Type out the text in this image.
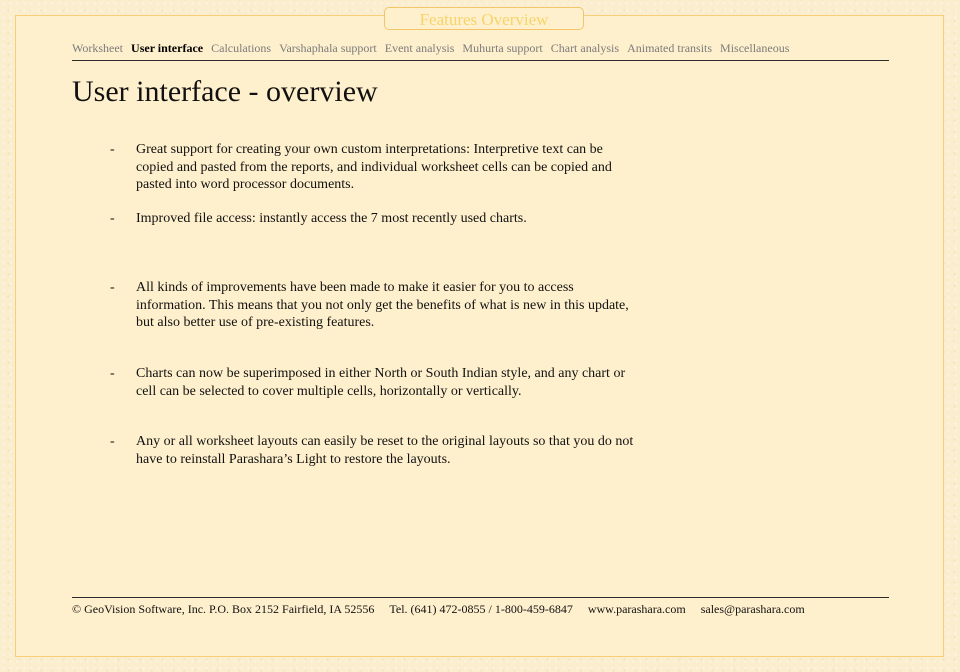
Features Overview
Worksheet User interface Calculations Varshaphala support Event analysis Muhurta support Chart analysis Animated transits Miscellaneous
User interface - overview
- Great support for creating your own custom interpretations: Interpretive text can be copied and pasted from the reports, and individual worksheet cells can be copied and pasted into word processor documents.
- Improved file access: instantly access the 7 most recently used charts.
- All kinds of improvements have been made to make it easier for you to access information. This means that you not only get the benefits of what is new in this update, but also better use of pre-existing features.
- Charts can now be superimposed in either North or South Indian style, and any chart or cell can be selected to cover multiple cells, horizontally or vertically.
- Any or all worksheet layouts can easily be reset to the original layouts so that you do not have to reinstall Parashara’s Light to restore the layouts.
© GeoVision Software, Inc. P.O. Box 2152 Fairfield, IA 52556 Tel. (641) 472-0855 / 1-800-459-6847 www.parashara.com sales@parashara.com
